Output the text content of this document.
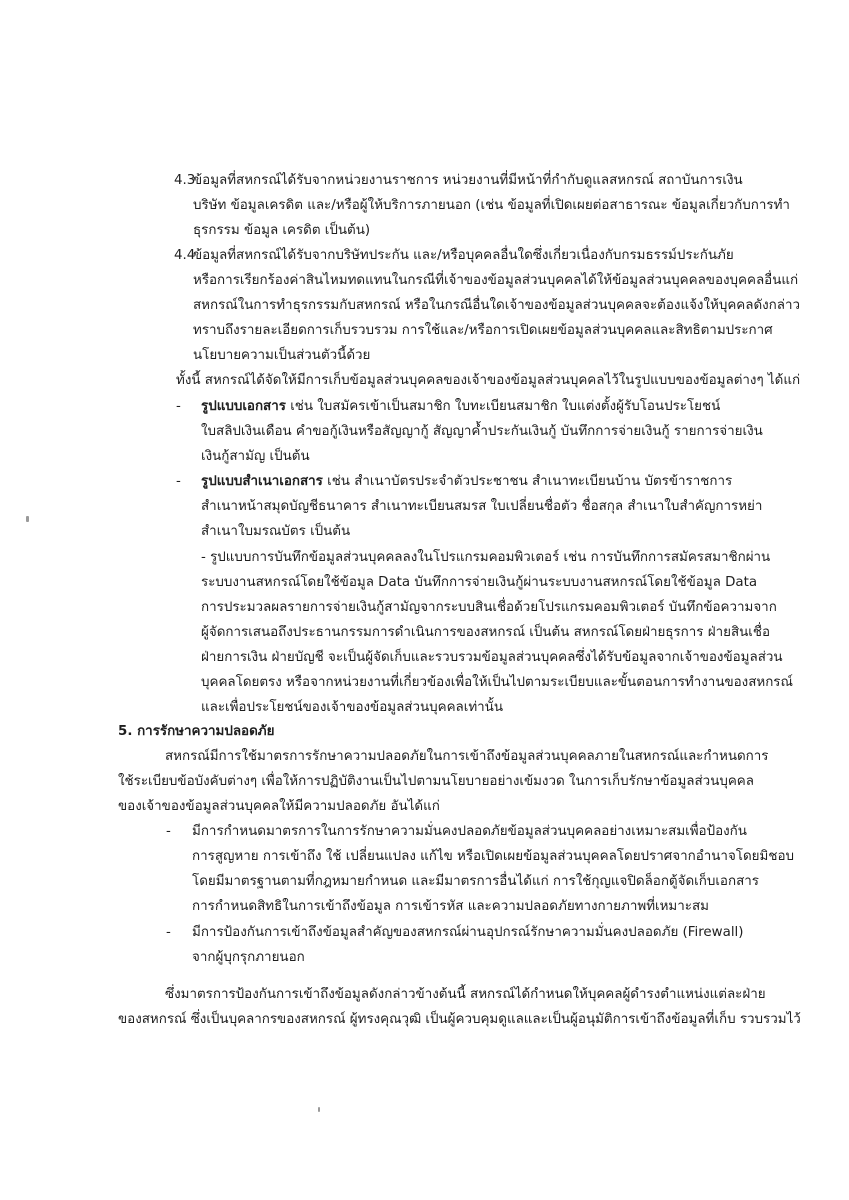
4.3
ข้อมูลที่สหกรณ์ได้รับจากหน่วยงานราชการ หน่วยงานที่มีหน้าที่กำกับดูแลสหกรณ์ สถาบันการเงิน
บริษัท ข้อมูลเครดิต และ/หรือผู้ให้บริการภายนอก (เช่น ข้อมูลที่เปิดเผยต่อสาธารณะ ข้อมูลเกี่ยวกับการทำ
ธุรกรรม ข้อมูล เครดิต เป็นต้น)
4.4
ข้อมูลที่สหกรณ์ได้รับจากบริษัทประกัน และ/หรือบุคคลอื่นใดซึ่งเกี่ยวเนื่องกับกรมธรรม์ประกันภัย
หรือการเรียกร้องค่าสินไหมทดแทนในกรณีที่เจ้าของข้อมูลส่วนบุคคลได้ให้ข้อมูลส่วนบุคคลของบุคคลอื่นแก่
สหกรณ์ในการทำธุรกรรมกับสหกรณ์ หรือในกรณีอื่นใดเจ้าของข้อมูลส่วนบุคคลจะต้องแจ้งให้บุคคลดังกล่าว
ทราบถึงรายละเอียดการเก็บรวบรวม การใช้และ/หรือการเปิดเผยข้อมูลส่วนบุคคลและสิทธิตามประกาศ
นโยบายความเป็นส่วนตัวนี้ด้วย
ทั้งนี้ สหกรณ์ได้จัดให้มีการเก็บข้อมูลส่วนบุคคลของเจ้าของข้อมูลส่วนบุคคลไว้ในรูปแบบของข้อมูลต่างๆ ได้แก่
- รูปแบบเอกสาร เช่น ใบสมัครเข้าเป็นสมาชิก ใบทะเบียนสมาชิก ใบแต่งตั้งผู้รับโอนประโยชน์
ใบสลิปเงินเดือน คำขอกู้เงินหรือสัญญากู้ สัญญาค้ำประกันเงินกู้ บันทึกการจ่ายเงินกู้ รายการจ่ายเงิน
เงินกู้สามัญ เป็นต้น
- รูปแบบสำเนาเอกสาร เช่น สำเนาบัตรประจำตัวประชาชน สำเนาทะเบียนบ้าน บัตรข้าราชการ
สำเนาหน้าสมุดบัญชีธนาคาร สำเนาทะเบียนสมรส ใบเปลี่ยนชื่อตัว ชื่อสกุล สำเนาใบสำคัญการหย่า
สำเนาใบมรณบัตร เป็นต้น
- รูปแบบการบันทึกข้อมูลส่วนบุคคลลงในโปรแกรมคอมพิวเตอร์ เช่น การบันทึกการสมัครสมาชิกผ่าน
ระบบงานสหกรณ์โดยใช้ข้อมูล Data บันทึกการจ่ายเงินกู้ผ่านระบบงานสหกรณ์โดยใช้ข้อมูล Data
การประมวลผลรายการจ่ายเงินกู้สามัญจากระบบสินเชื่อด้วยโปรแกรมคอมพิวเตอร์ บันทึกข้อความจาก
ผู้จัดการเสนอถึงประธานกรรมการดำเนินการของสหกรณ์ เป็นต้น สหกรณ์โดยฝ่ายธุรการ ฝ่ายสินเชื่อ
ฝ่ายการเงิน ฝ่ายบัญชี จะเป็นผู้จัดเก็บและรวบรวมข้อมูลส่วนบุคคลซึ่งได้รับข้อมูลจากเจ้าของข้อมูลส่วน
บุคคลโดยตรง หรือจากหน่วยงานที่เกี่ยวข้องเพื่อให้เป็นไปตามระเบียบและขั้นตอนการทำงานของสหกรณ์
และเพื่อประโยชน์ของเจ้าของข้อมูลส่วนบุคคลเท่านั้น
5. การรักษาความปลอดภัย
สหกรณ์มีการใช้มาตรการรักษาความปลอดภัยในการเข้าถึงข้อมูลส่วนบุคคลภายในสหกรณ์และกำหนดการ
ใช้ระเบียบข้อบังคับต่างๆ เพื่อให้การปฏิบัติงานเป็นไปตามนโยบายอย่างเข้มงวด ในการเก็บรักษาข้อมูลส่วนบุคคล
ของเจ้าของข้อมูลส่วนบุคคลให้มีความปลอดภัย อันได้แก่
- มีการกำหนดมาตรการในการรักษาความมั่นคงปลอดภัยข้อมูลส่วนบุคคลอย่างเหมาะสมเพื่อป้องกัน
การสูญหาย การเข้าถึง ใช้ เปลี่ยนแปลง แก้ไข หรือเปิดเผยข้อมูลส่วนบุคคลโดยปราศจากอำนาจโดยมิชอบ
โดยมีมาตรฐานตามที่กฎหมายกำหนด และมีมาตรการอื่นได้แก่ การใช้กุญแจปิดล็อกตู้จัดเก็บเอกสาร
การกำหนดสิทธิในการเข้าถึงข้อมูล การเข้ารหัส และความปลอดภัยทางกายภาพที่เหมาะสม
- มีการป้องกันการเข้าถึงข้อมูลสำคัญของสหกรณ์ผ่านอุปกรณ์รักษาความมั่นคงปลอดภัย (Firewall)
จากผู้บุกรุกภายนอก
ซึ่งมาตรการป้องกันการเข้าถึงข้อมูลดังกล่าวข้างต้นนี้ สหกรณ์ได้กำหนดให้บุคคลผู้ดำรงตำแหน่งแต่ละฝ่าย
ของสหกรณ์ ซึ่งเป็นบุคลากรของสหกรณ์ ผู้ทรงคุณวุฒิ เป็นผู้ควบคุมดูแลและเป็นผู้อนุมัติการเข้าถึงข้อมูลที่เก็บ รวบรวมไว้
